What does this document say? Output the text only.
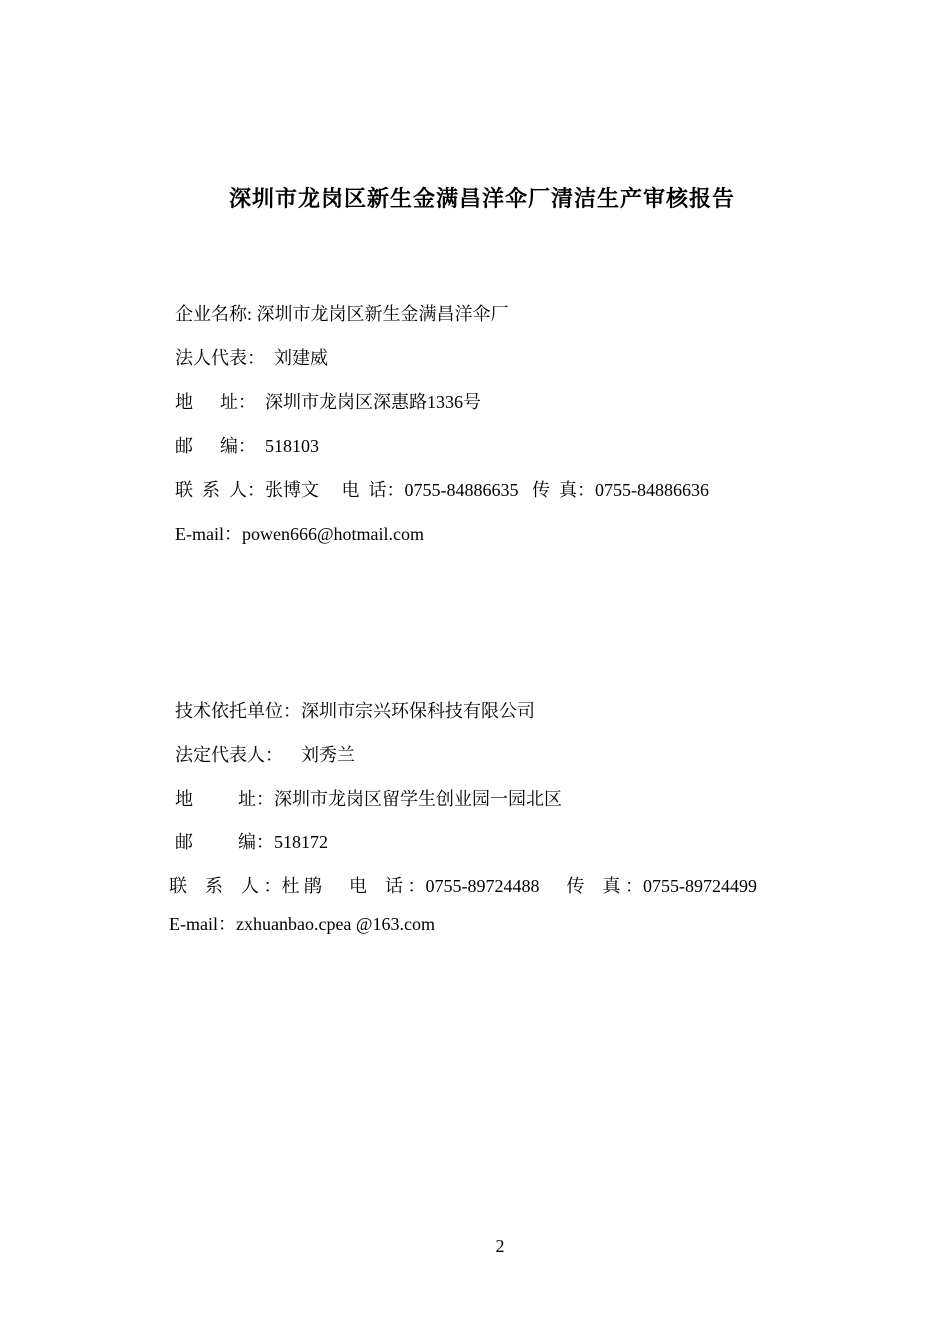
深圳市龙岗区新生金满昌洋伞厂清洁生产审核报告

企业名称: 深圳市龙岗区新生金满昌洋伞厂

法人代表：  刘建威

地      址：  深圳市龙岗区深惠路1336号

邮      编：  518103

联  系  人：张博文 电  话：0755-84886635 传  真：0755-84886636

E-mail：powen666@hotmail.com

技术依托单位：深圳市宗兴环保科技有限公司

法定代表人：    刘秀兰

地          址：深圳市龙岗区留学生创业园一园北区

邮          编：518172

联    系    人 ：杜 鹃 电    话 ：0755-89724488 传    真 ：0755-89724499

E-mail：zxhuanbao.cpea @163.com

2
